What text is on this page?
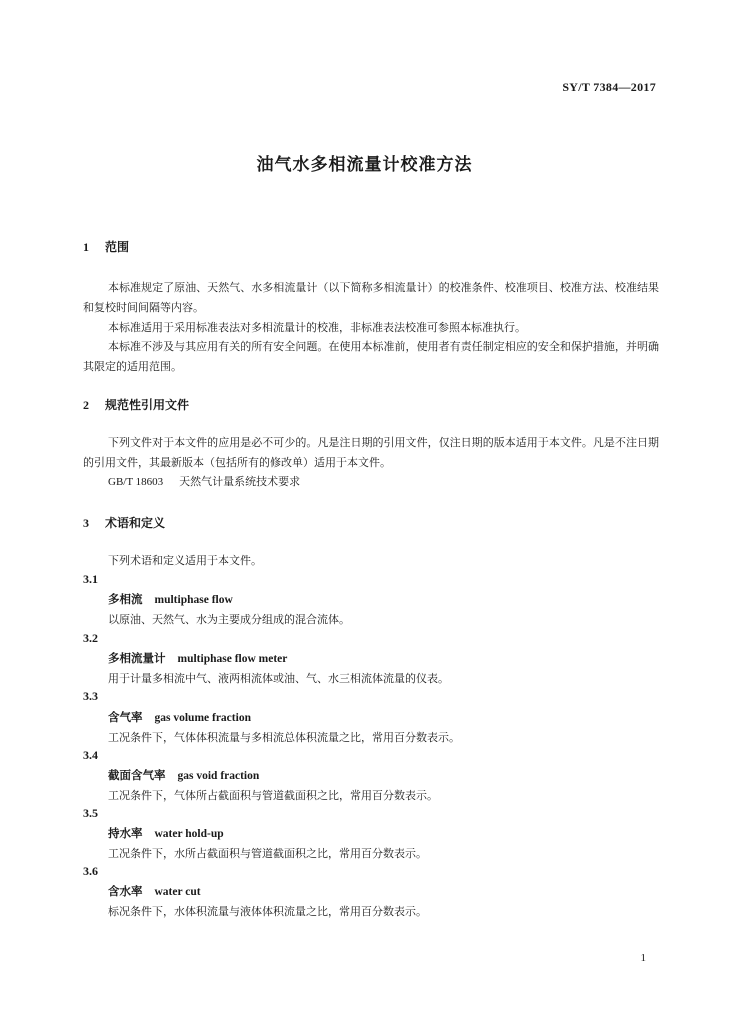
SY/T 7384—2017
油气水多相流量计校准方法
1 范围
本标准规定了原油、天然气、水多相流量计（以下简称多相流量计）的校准条件、校准项目、校准方法、校准结果和复校时间间隔等内容。
本标准适用于采用标准表法对多相流量计的校准，非标准表法校准可参照本标准执行。
本标准不涉及与其应用有关的所有安全问题。在使用本标准前，使用者有责任制定相应的安全和保护措施，并明确其限定的适用范围。
2 规范性引用文件
下列文件对于本文件的应用是必不可少的。凡是注日期的引用文件，仅注日期的版本适用于本文件。凡是不注日期的引用文件，其最新版本（包括所有的修改单）适用于本文件。
GB/T 18603 天然气计量系统技术要求
3 术语和定义
下列术语和定义适用于本文件。
3.1
多相流 multiphase flow
以原油、天然气、水为主要成分组成的混合流体。
3.2
多相流量计 multiphase flow meter
用于计量多相流中气、液两相流体或油、气、水三相流体流量的仪表。
3.3
含气率 gas volume fraction
工况条件下，气体体积流量与多相流总体积流量之比，常用百分数表示。
3.4
截面含气率 gas void fraction
工况条件下，气体所占截面积与管道截面积之比，常用百分数表示。
3.5
持水率 water hold-up
工况条件下，水所占截面积与管道截面积之比，常用百分数表示。
3.6
含水率 water cut
标况条件下，水体积流量与液体体积流量之比，常用百分数表示。
1
